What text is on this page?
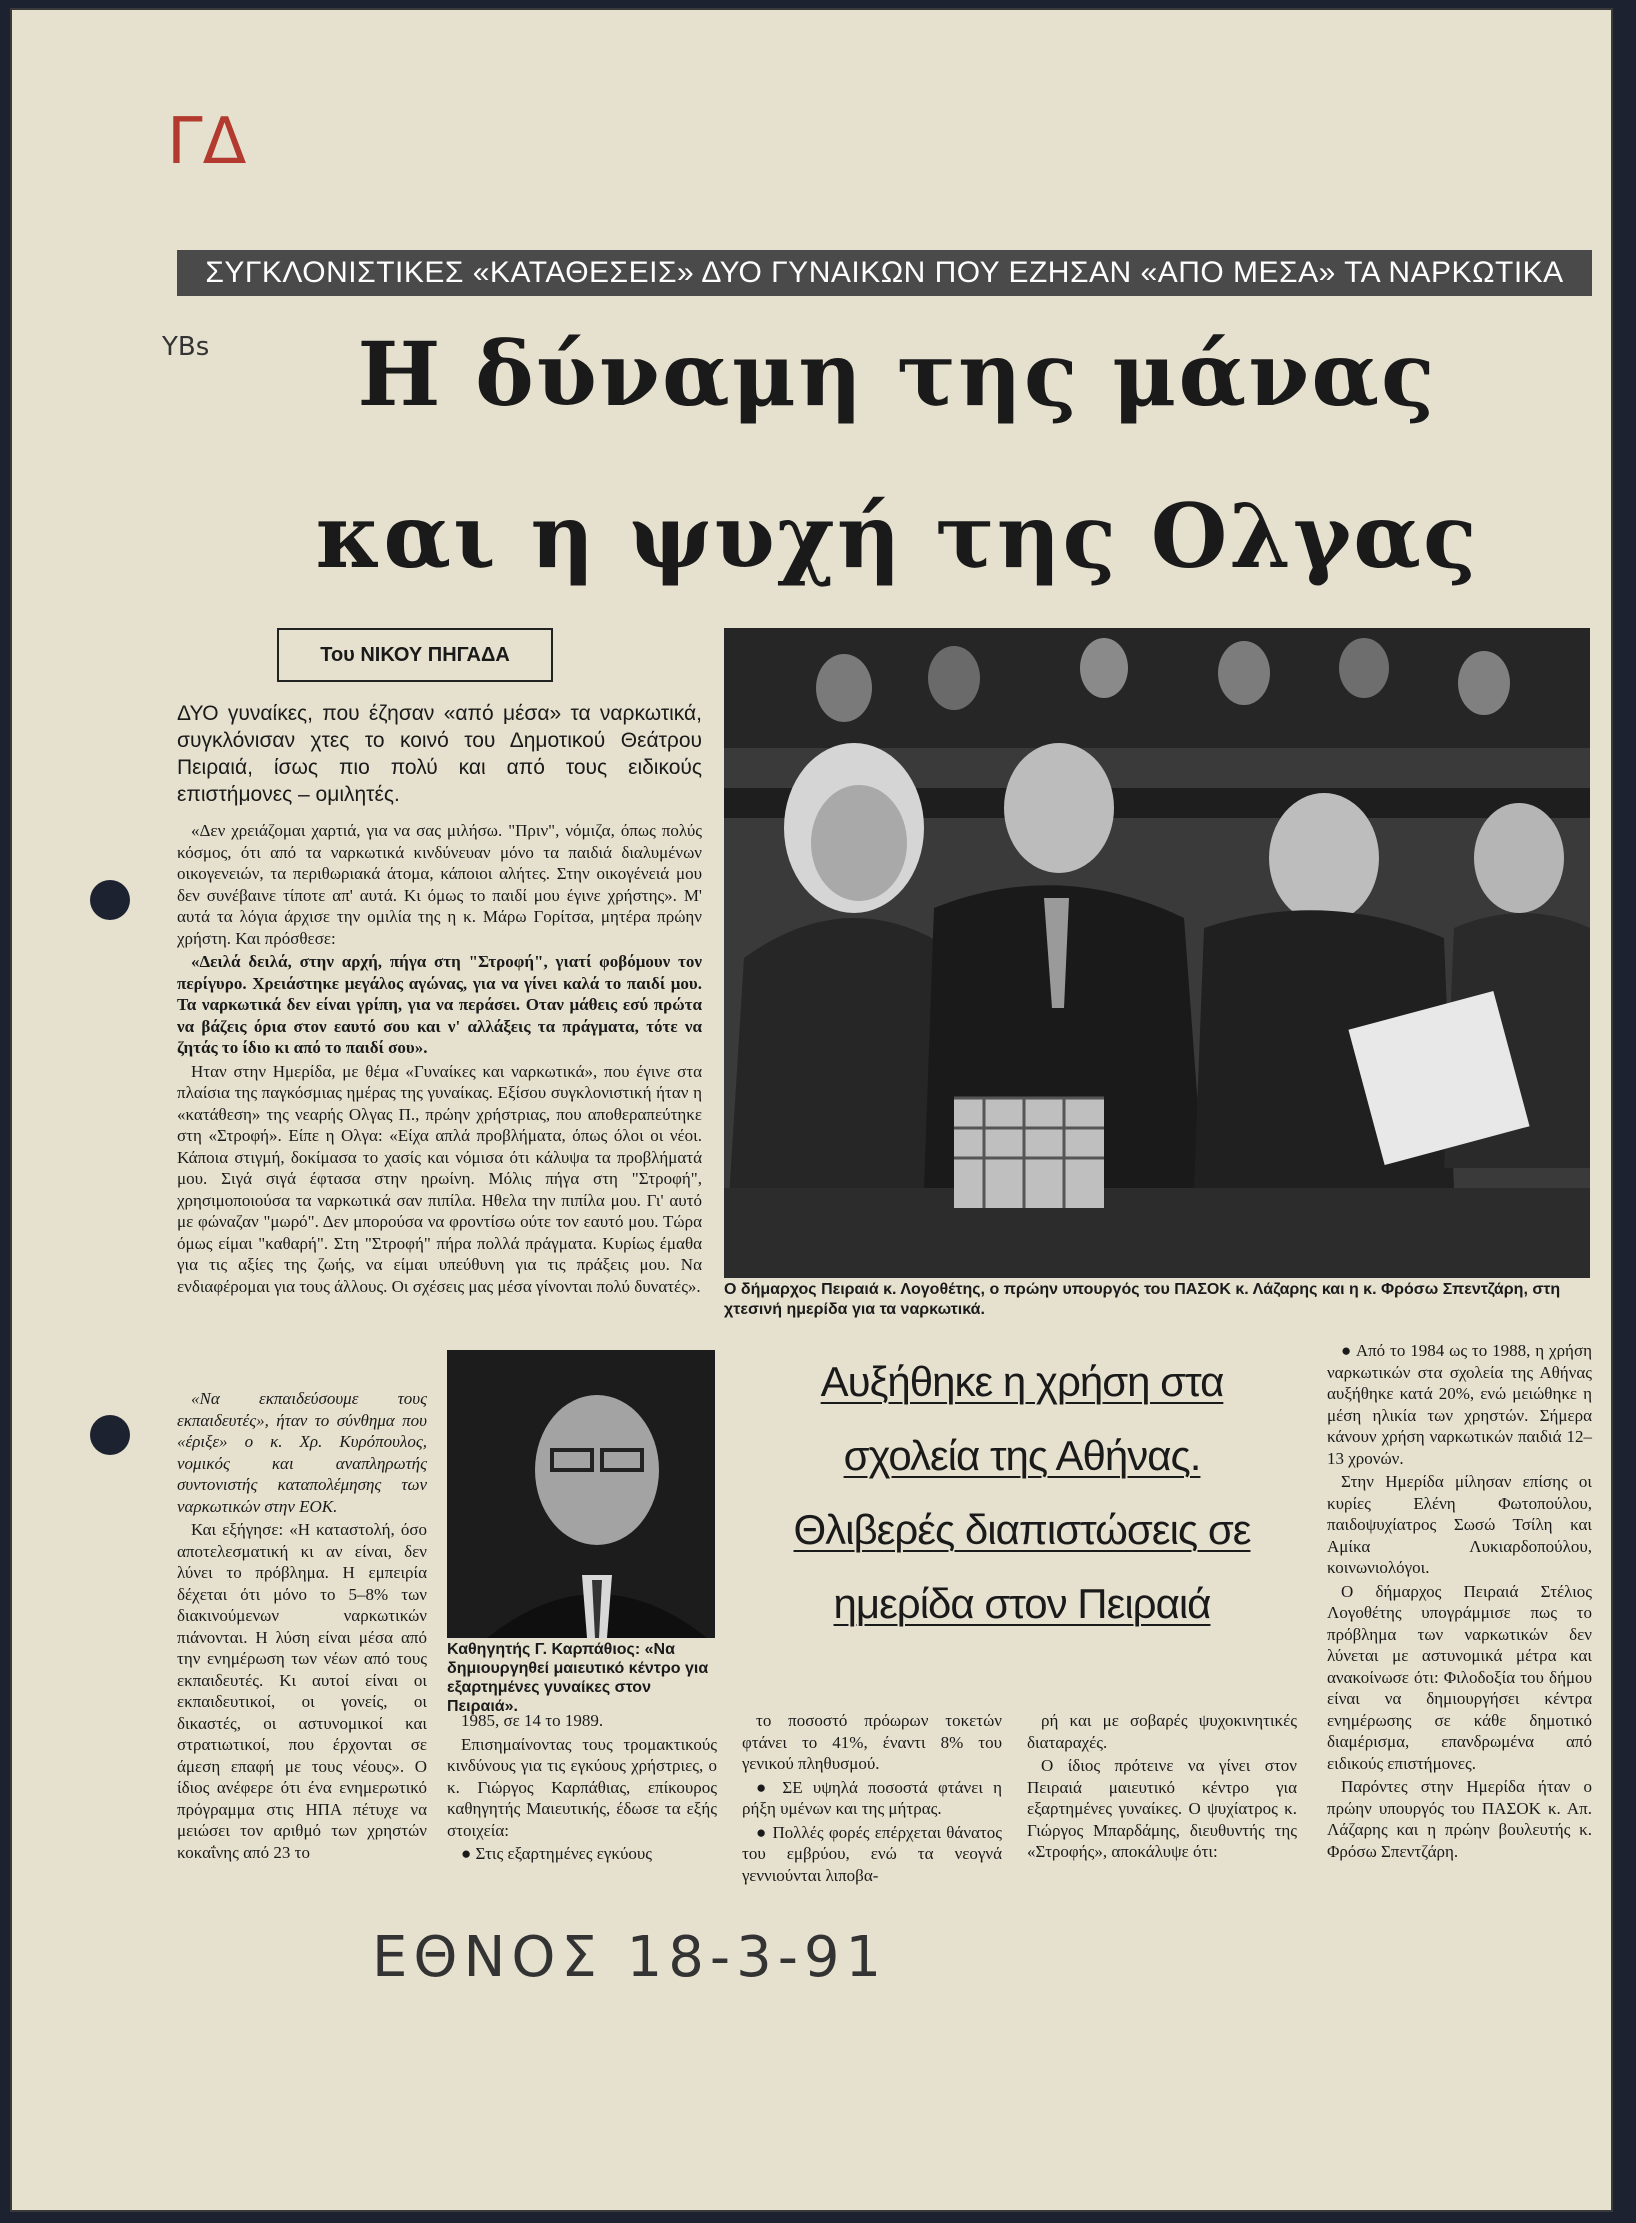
ΓΔ
YBs
ΣΥΓΚΛΟΝΙΣΤΙΚΕΣ «ΚΑΤΑΘΕΣΕΙΣ» ΔΥΟ ΓΥΝΑΙΚΩΝ ΠΟΥ ΕΖΗΣΑΝ «ΑΠΟ ΜΕΣΑ» ΤΑ ΝΑΡΚΩΤΙΚΑ
Η δύναμη της μάνας
και η ψυχή της Ολγας
Του ΝΙΚΟΥ ΠΗΓΑΔΑ
ΔΥΟ γυναίκες, που έζησαν «από μέσα» τα ναρκωτικά, συγκλόνισαν χτες το κοινό του Δημοτικού Θεάτρου Πειραιά, ίσως πιο πολύ και από τους ειδικούς επιστήμονες – ομιλητές.

«Δεν χρειάζομαι χαρτιά, για να σας μιλήσω. "Πριν", νόμιζα, όπως πολύς κόσμος, ότι από τα ναρκωτικά κινδύνευαν μόνο τα παιδιά διαλυμένων οικογενειών, τα περιθωριακά άτομα, κάποιοι αλήτες. Στην οικογένειά μου δεν συνέβαινε τίποτε απ' αυτά. Κι όμως το παιδί μου έγινε χρήστης». Μ' αυτά τα λόγια άρχισε την ομιλία της η κ. Μάρω Γορίτσα, μητέρα πρώην χρήστη. Και πρόσθεσε:

«Δειλά δειλά, στην αρχή, πήγα στη "Στροφή", γιατί φοβόμουν τον περίγυρο. Χρειάστηκε μεγάλος αγώνας, για να γίνει καλά το παιδί μου. Τα ναρκωτικά δεν είναι γρίπη, για να περάσει. Οταν μάθεις εσύ πρώτα να βάζεις όρια στον εαυτό σου και ν' αλλάξεις τα πράγματα, τότε να ζητάς το ίδιο κι από το παιδί σου».

Ηταν στην Ημερίδα, με θέμα «Γυναίκες και ναρκωτικά», που έγινε στα πλαίσια της παγκόσμιας ημέρας της γυναίκας. Εξίσου συγκλονιστική ήταν η «κατάθεση» της νεαρής Ολγας Π., πρώην χρήστριας, που αποθεραπεύτηκε στη «Στροφή». Είπε η Ολγα: «Είχα απλά προβλήματα, όπως όλοι οι νέοι. Κάποια στιγμή, δοκίμασα το χασίς και νόμισα ότι κάλυψα τα προβλήματά μου. Σιγά σιγά έφτασα στην ηρωίνη. Μόλις πήγα στη "Στροφή", χρησιμοποιούσα τα ναρκωτικά σαν πιπίλα. Ηθελα την πιπίλα μου. Γι' αυτό με φώναζαν "μωρό". Δεν μπορούσα να φροντίσω ούτε τον εαυτό μου. Τώρα όμως είμαι "καθαρή". Στη "Στροφή" πήρα πολλά πράγματα. Κυρίως έμαθα για τις αξίες της ζωής, να είμαι υπεύθυνη για τις πράξεις μου. Να ενδιαφέρομαι για τους άλλους. Οι σχέσεις μας μέσα γίνονται πολύ δυνατές».

«Να εκπαιδεύσουμε τους εκπαιδευτές», ήταν το σύνθημα που «έριξε» ο κ. Χρ. Κυρόπουλος, νομικός και αναπληρωτής συντονιστής καταπολέμησης των ναρκωτικών στην ΕΟΚ.

Και εξήγησε: «Η καταστολή, όσο αποτελεσματική κι αν είναι, δεν λύνει το πρόβλημα. Η εμπειρία δέχεται ότι μόνο το 5–8% των διακινούμενων ναρκωτικών πιάνονται. Η λύση είναι μέσα από την ενημέρωση των νέων από τους εκπαιδευτές. Κι αυτοί είναι οι εκπαιδευτικοί, οι γονείς, οι δικαστές, οι αστυνομικοί και στρατιωτικοί, που έρχονται σε άμεση επαφή με τους νέους». Ο ίδιος ανέφερε ότι ένα ενημερωτικό πρόγραμμα στις ΗΠΑ πέτυχε να μειώσει τον αριθμό των χρηστών κοκαΐνης από 23 το

Ο δήμαρχος Πειραιά κ. Λογοθέτης, ο πρώην υπουργός του ΠΑΣΟΚ κ. Λάζαρης και η κ. Φρόσω Σπεντζάρη, στη χτεσινή ημερίδα για τα ναρκωτικά.
Καθηγητής Γ. Καρπάθιος: «Να δημιουργηθεί μαιευτικό κέντρο για εξαρτημένες γυναίκες στον Πειραιά».
Αυξήθηκε η χρήση στα
σχολεία της Αθήνας.
Θλιβερές διαπιστώσεις σε
ημερίδα στον Πειραιά

1985, σε 14 το 1989.

Επισημαίνοντας τους τρομακτικούς κινδύνους για τις εγκύους χρήστριες, ο κ. Γιώργος Καρπάθιας, επίκουρος καθηγητής Μαιευτικής, έδωσε τα εξής στοιχεία:

● Στις εξαρτημένες εγκύους

το ποσοστό πρόωρων τοκετών φτάνει το 41%, έναντι 8% του γενικού πληθυσμού.

● ΣΕ υψηλά ποσοστά φτάνει η ρήξη υμένων και της μήτρας.

● Πολλές φορές επέρχεται θάνατος του εμβρύου, ενώ τα νεογνά γεννιούνται λιποβα-

ρή και με σοβαρές ψυχοκινητικές διαταραχές.

Ο ίδιος πρότεινε να γίνει στον Πειραιά μαιευτικό κέντρο για εξαρτημένες γυναίκες. Ο ψυχίατρος κ. Γιώργος Μπαρδάμης, διευθυντής της «Στροφής», αποκάλυψε ότι:

● Από το 1984 ως το 1988, η χρήση ναρκωτικών στα σχολεία της Αθήνας αυξήθηκε κατά 20%, ενώ μειώθηκε η μέση ηλικία των χρηστών. Σήμερα κάνουν χρήση ναρκωτικών παιδιά 12–13 χρονών.

Στην Ημερίδα μίλησαν επίσης οι κυρίες Ελένη Φωτοπούλου, παιδοψυχίατρος Σωσώ Τσίλη και Αμίκα Λυκιαρδοπούλου, κοινωνιολόγοι.

Ο δήμαρχος Πειραιά Στέλιος Λογοθέτης υπογράμμισε πως το πρόβλημα των ναρκωτικών δεν λύνεται με αστυνομικά μέτρα και ανακοίνωσε ότι: Φιλοδοξία του δήμου είναι να δημιουργήσει κέντρα ενημέρωσης σε κάθε δημοτικό διαμέρισμα, επανδρωμένα από ειδικούς επιστήμονες.

Παρόντες στην Ημερίδα ήταν ο πρώην υπουργός του ΠΑΣΟΚ κ. Απ. Λάζαρης και η πρώην βουλευτής κ. Φρόσω Σπεντζάρη.

ΕΘΝΟΣ 18-3-91
